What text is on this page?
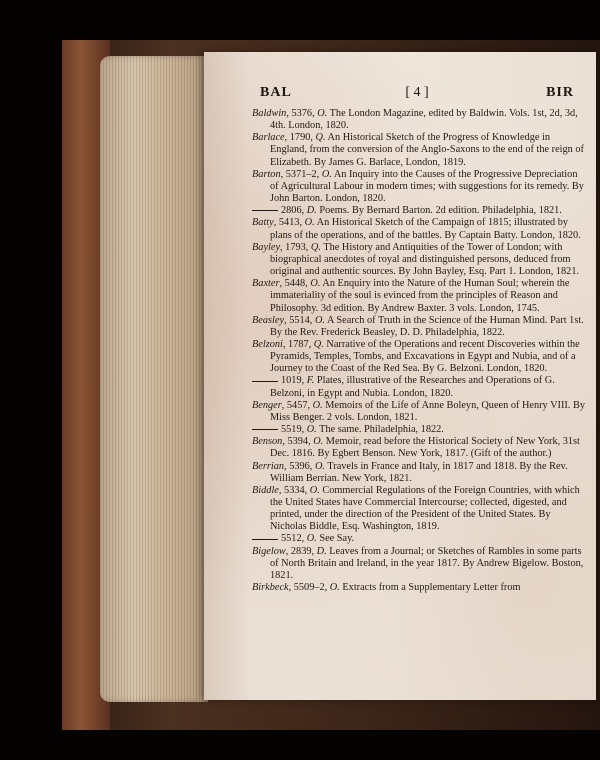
BAL	[ 4 ]	BIR

Baldwin, 5376, O. The London Magazine, edited by Baldwin. Vols. 1st, 2d, 3d, 4th. London, 1820.

Barlace, 1790, Q. An Historical Sketch of the Progress of Knowledge in England, from the conversion of the Anglo-Saxons to the end of the reign of Elizabeth. By James G. Barlace, London, 1819.

Barton, 5371–2, O. An Inquiry into the Causes of the Progressive Depreciation of Agricultural Labour in modern times; with suggestions for its remedy. By John Barton. London, 1820.

2806, D. Poems. By Bernard Barton. 2d edition. Philadelphia, 1821.

Batty, 5413, O. An Historical Sketch of the Campaign of 1815; illustrated by plans of the operations, and of the battles. By Captain Batty. London, 1820.

Bayley, 1793, Q. The History and Antiquities of the Tower of London; with biographical anecdotes of royal and distinguished persons, deduced from original and authentic sources. By John Bayley, Esq. Part 1. London, 1821.

Baxter, 5448, O. An Enquiry into the Nature of the Human Soul; wherein the immateriality of the soul is evinced from the principles of Reason and Philosophy. 3d edition. By Andrew Baxter. 3 vols. London, 1745.

Beasley, 5514, O. A Search of Truth in the Science of the Human Mind. Part 1st. By the Rev. Frederick Beasley, D. D. Philadelphia, 1822.

Belzoni, 1787, Q. Narrative of the Operations and recent Discoveries within the Pyramids, Temples, Tombs, and Excavations in Egypt and Nubia, and of a Journey to the Coast of the Red Sea. By G. Belzoni. London, 1820.

1019, F. Plates, illustrative of the Researches and Operations of G. Belzoni, in Egypt and Nubia. London, 1820.

Benger, 5457, O. Memoirs of the Life of Anne Boleyn, Queen of Henry VIII. By Miss Benger. 2 vols. London, 1821.

5519, O. The same. Philadelphia, 1822.

Benson, 5394, O. Memoir, read before the Historical Society of New York, 31st Dec. 1816. By Egbert Benson. New York, 1817. (Gift of the author.)

Berrian, 5396, O. Travels in France and Italy, in 1817 and 1818. By the Rev. William Berrian. New York, 1821.

Biddle, 5334, O. Commercial Regulations of the Foreign Countries, with which the United States have Commercial Intercourse; collected, digested, and printed, under the direction of the President of the United States. By Nicholas Biddle, Esq. Washington, 1819.

5512, O. See Say.

Bigelow, 2839, D. Leaves from a Journal; or Sketches of Rambles in some parts of North Britain and Ireland, in the year 1817. By Andrew Bigelow. Boston, 1821.

Birkbeck, 5509–2, O. Extracts from a Supplementary Letter from
